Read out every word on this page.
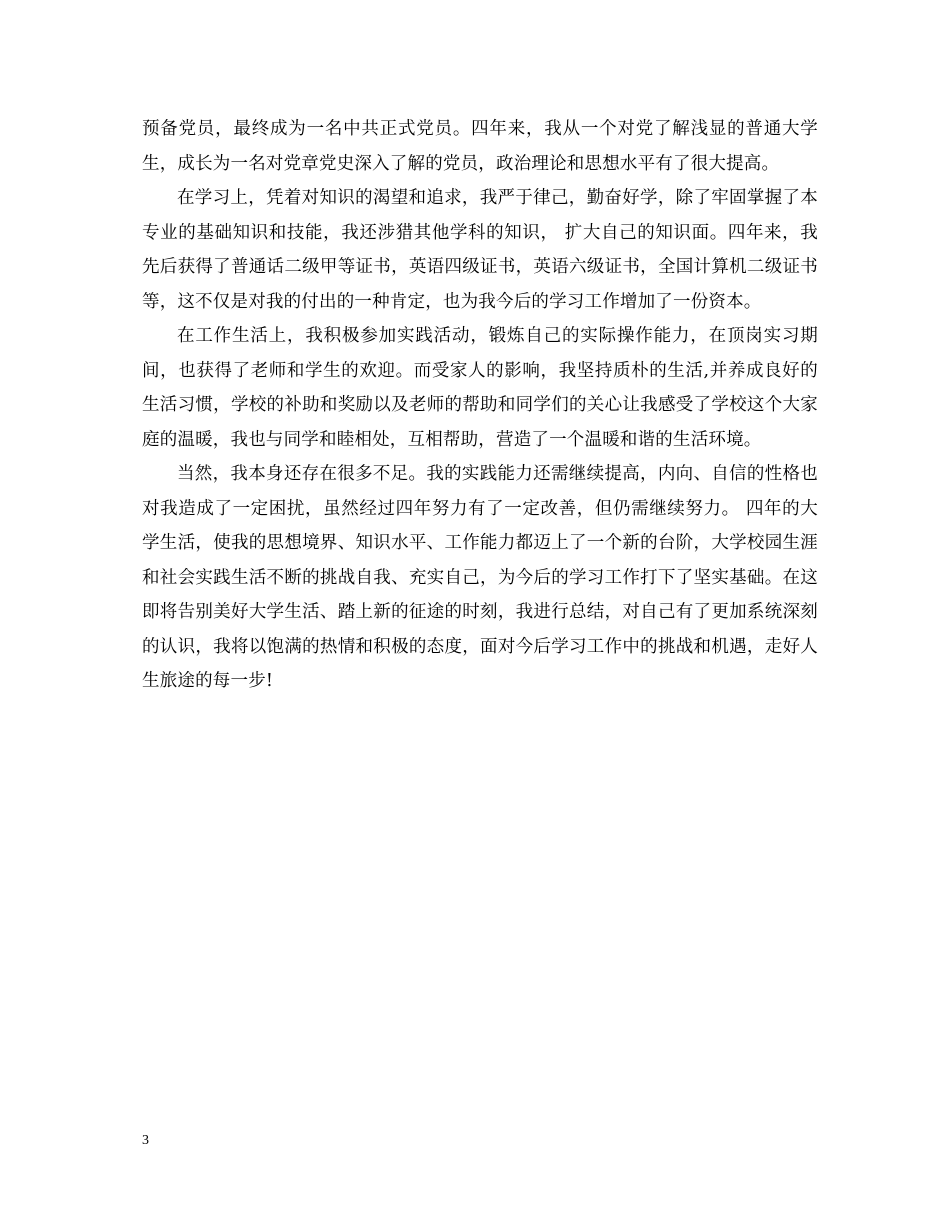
预备党员，最终成为一名中共正式党员。四年来，我从一个对党了解浅显的普通大学生，成长为一名对党章党史深入了解的党员，政治理论和思想水平有了很大提高。

在学习上，凭着对知识的渴望和追求，我严于律己，勤奋好学，除了牢固掌握了本专业的基础知识和技能，我还涉猎其他学科的知识， 扩大自己的知识面。四年来，我先后获得了普通话二级甲等证书，英语四级证书，英语六级证书，全国计算机二级证书等，这不仅是对我的付出的一种肯定，也为我今后的学习工作增加了一份资本。

在工作生活上，我积极参加实践活动，锻炼自己的实际操作能力，在顶岗实习期间，也获得了老师和学生的欢迎。而受家人的影响，我坚持质朴的生活,并养成良好的生活习惯，学校的补助和奖励以及老师的帮助和同学们的关心让我感受了学校这个大家庭的温暖，我也与同学和睦相处，互相帮助，营造了一个温暖和谐的生活环境。

当然，我本身还存在很多不足。我的实践能力还需继续提高，内向、自信的性格也对我造成了一定困扰，虽然经过四年努力有了一定改善，但仍需继续努力。 四年的大学生活，使我的思想境界、知识水平、工作能力都迈上了一个新的台阶，大学校园生涯和社会实践生活不断的挑战自我、充实自己，为今后的学习工作打下了坚实基础。在这即将告别美好大学生活、踏上新的征途的时刻，我进行总结，对自己有了更加系统深刻的认识，我将以饱满的热情和积极的态度，面对今后学习工作中的挑战和机遇，走好人生旅途的每一步!

3
